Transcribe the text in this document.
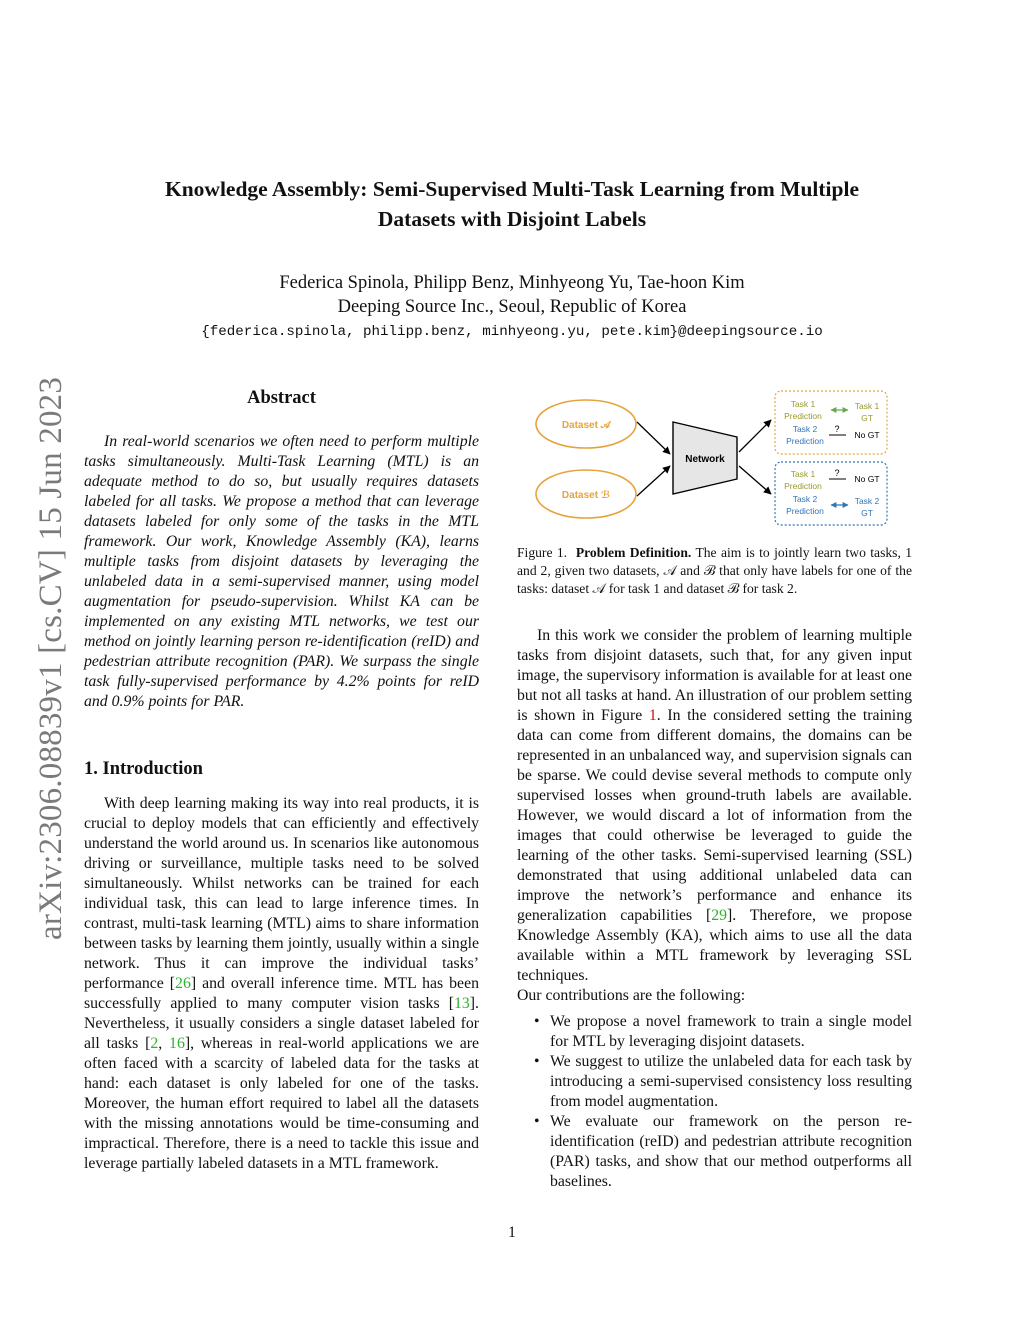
arXiv:2306.08839v1 [cs.CV] 15 Jun 2023
Knowledge Assembly: Semi-Supervised Multi-Task Learning from Multiple
Datasets with Disjoint Labels
Federica Spinola, Philipp Benz, Minhyeong Yu, Tae-hoon Kim
Deeping Source Inc., Seoul, Republic of Korea
{federica.spinola, philipp.benz, minhyeong.yu, pete.kim}@deepingsource.io
Abstract

In real-world scenarios we often need to perform multiple tasks simultaneously. Multi-Task Learning (MTL) is an adequate method to do so, but usually requires datasets labeled for all tasks. We propose a method that can leverage datasets labeled for only some of the tasks in the MTL framework. Our work, Knowledge Assembly (KA), learns multiple tasks from disjoint datasets by leveraging the unlabeled data in a semi-supervised manner, using model augmentation for pseudo-supervision. Whilst KA can be implemented on any existing MTL networks, we test our method on jointly learning person re-identification (reID) and pedestrian attribute recognition (PAR). We surpass the single task fully-supervised performance by 4.2% points for reID and 0.9% points for PAR.

1. Introduction

With deep learning making its way into real products, it is crucial to deploy models that can efficiently and effectively understand the world around us. In scenarios like autonomous driving or surveillance, multiple tasks need to be solved simultaneously. Whilst networks can be trained for each individual task, this can lead to large inference times. In contrast, multi-task learning (MTL) aims to share information between tasks by learning them jointly, usually within a single network. Thus it can improve the individual tasks’ performance [26] and overall inference time. MTL has been successfully applied to many computer vision tasks [13]. Nevertheless, it usually considers a single dataset labeled for all tasks [2, 16], whereas in real-world applications we are often faced with a scarcity of labeled data for the tasks at hand: each dataset is only labeled for one of the tasks. Moreover, the human effort required to label all the datasets with the missing annotations would be time-consuming and impractical. Therefore, there is a need to tackle this issue and leverage partially labeled datasets in a MTL framework.

Dataset 𝒜
Dataset ℬ
Network
Task 1
Prediction
Task 2
Prediction
Task 1
GT
?
No GT
Task 1
Prediction
Task 2
Prediction
?
No GT
Task 2
GT
Figure 1. Problem Definition. The aim is to jointly learn two tasks, 1 and 2, given two datasets, 𝒜 and ℬ that only have labels for one of the tasks: dataset 𝒜 for task 1 and dataset ℬ for task 2.

In this work we consider the problem of learning multiple tasks from disjoint datasets, such that, for any given input image, the supervisory information is available for at least one but not all tasks at hand. An illustration of our problem setting is shown in Figure 1. In the considered setting the training data can come from different domains, the domains can be represented in an unbalanced way, and supervision signals can be sparse. We could devise several methods to compute only supervised losses when ground-truth labels are available. However, we would discard a lot of information from the images that could otherwise be leveraged to guide the learning of the other tasks. Semi-supervised learning (SSL) demonstrated that using additional unlabeled data can improve the network’s performance and enhance its generalization capabilities [29]. Therefore, we propose Knowledge Assembly (KA), which aims to use all the data available within a MTL framework by leveraging SSL techniques.

Our contributions are the following:

• We propose a novel framework to train a single model for MTL by leveraging disjoint datasets.
• We suggest to utilize the unlabeled data for each task by introducing a semi-supervised consistency loss resulting from model augmentation.
• We evaluate our framework on the person re-identification (reID) and pedestrian attribute recognition (PAR) tasks, and show that our method outperforms all baselines.
1
